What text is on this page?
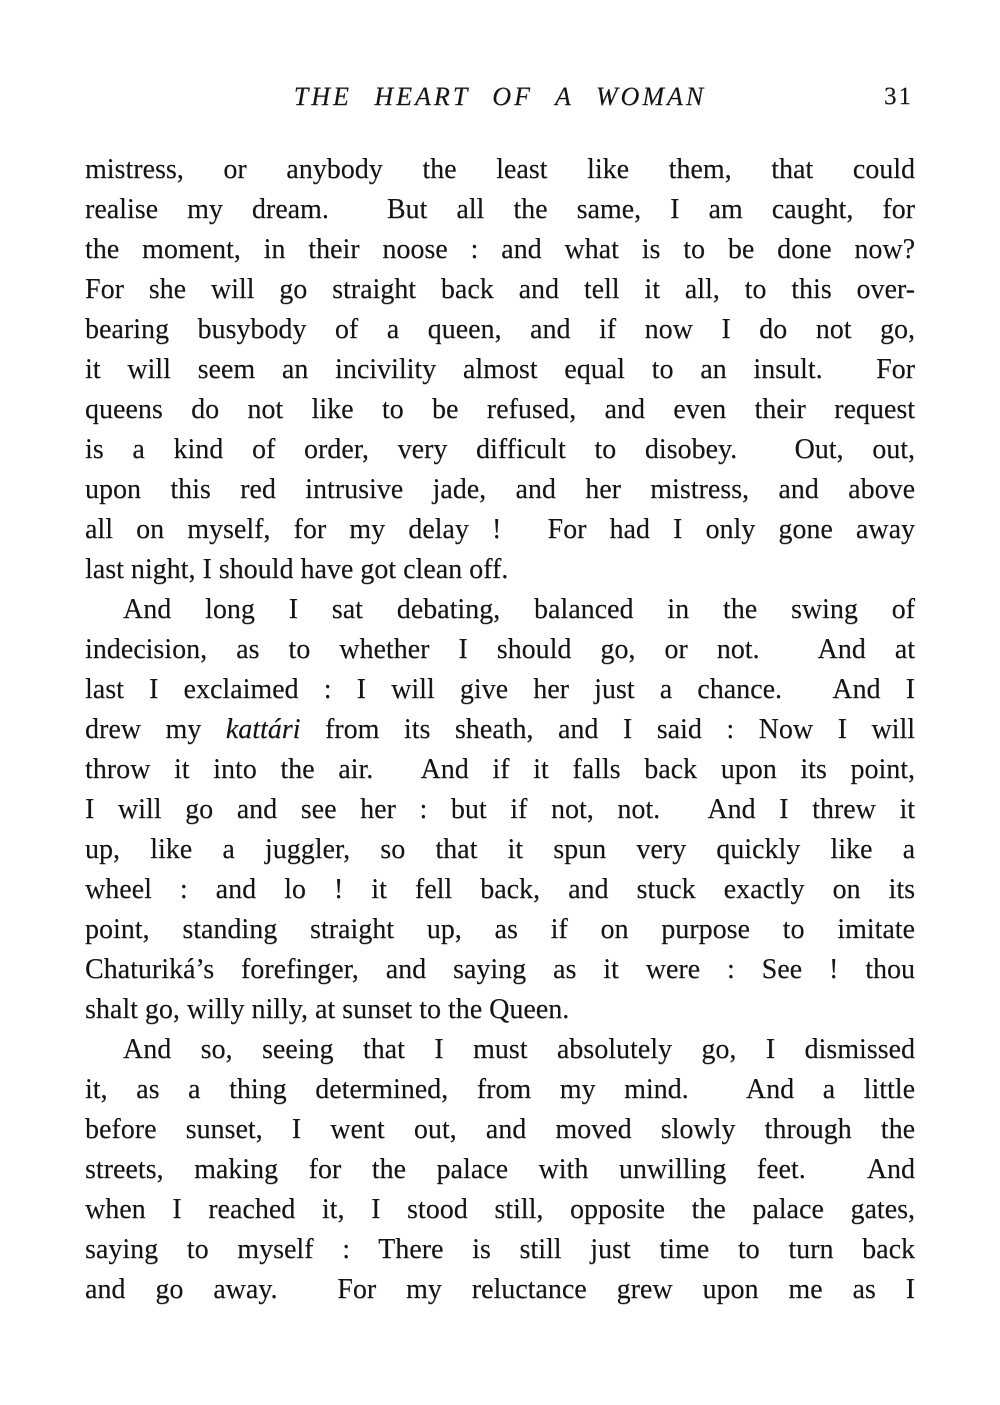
THE HEART OF A WOMAN	31
mistress, or anybody the least like them, that could
realise my dream.  But all the same, I am caught, for
the moment, in their noose : and what is to be done now?
For she will go straight back and tell it all, to this over-
bearing busybody of a queen, and if now I do not go,
it will seem an incivility almost equal to an insult.  For
queens do not like to be refused, and even their request
is a kind of order, very difficult to disobey.  Out, out,
upon this red intrusive jade, and her mistress, and above
all on myself, for my delay !  For had I only gone away
last night, I should have got clean off.
And long I sat debating, balanced in the swing of
indecision, as to whether I should go, or not.  And at
last I exclaimed : I will give her just a chance.  And I
drew my kattári from its sheath, and I said : Now I will
throw it into the air.  And if it falls back upon its point,
I will go and see her : but if not, not.  And I threw it
up, like a juggler, so that it spun very quickly like a
wheel : and lo ! it fell back, and stuck exactly on its
point, standing straight up, as if on purpose to imitate
Chaturiká’s forefinger, and saying as it were : See ! thou
shalt go, willy nilly, at sunset to the Queen.
And so, seeing that I must absolutely go, I dismissed
it, as a thing determined, from my mind.  And a little
before sunset, I went out, and moved slowly through the
streets, making for the palace with unwilling feet.  And
when I reached it, I stood still, opposite the palace gates,
saying to myself : There is still just time to turn back
and go away.  For my reluctance grew upon me as I
